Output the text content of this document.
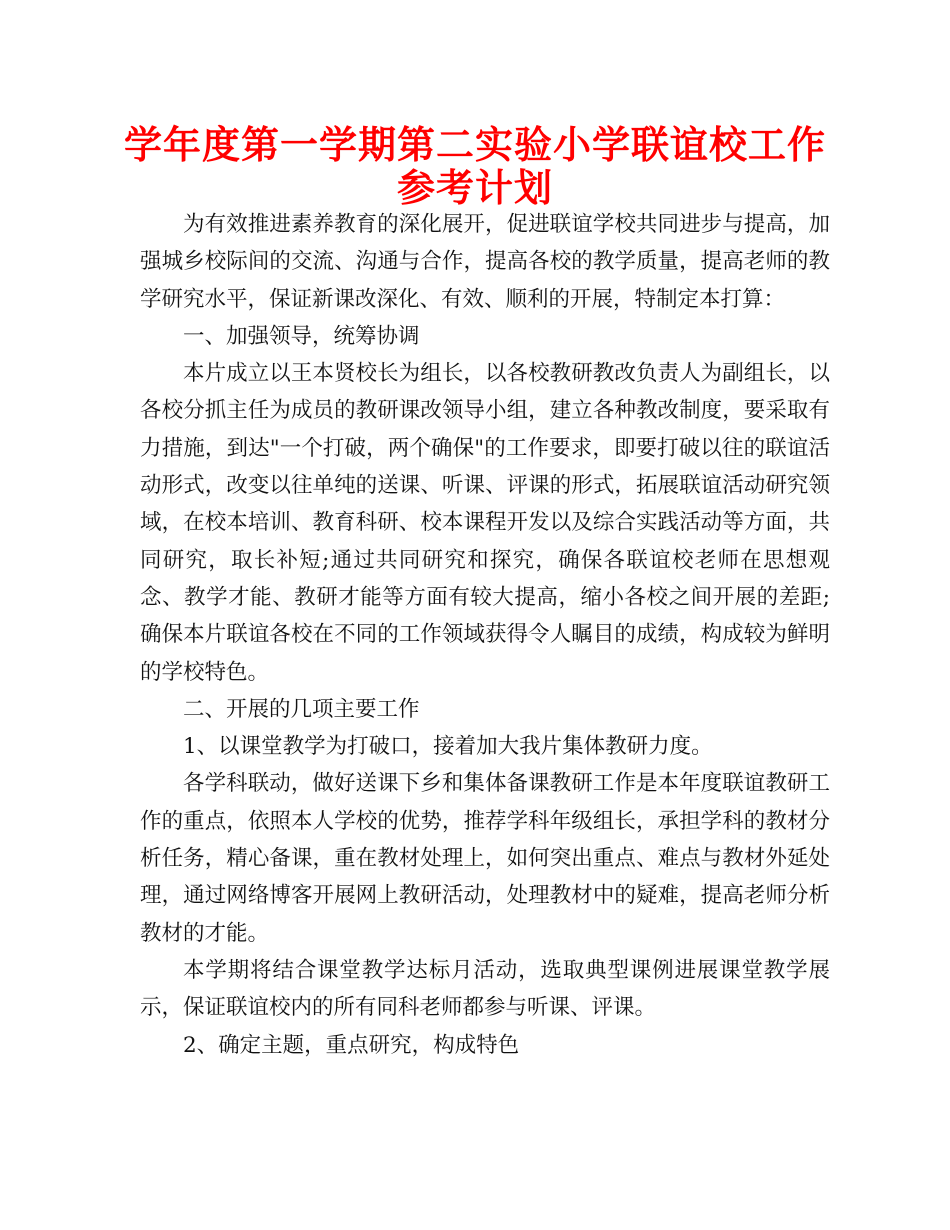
学年度第一学期第二实验小学联谊校工作
参考计划

为有效推进素养教育的深化展开，促进联谊学校共同进步与提高，加强城乡校际间的交流、沟通与合作，提高各校的教学质量，提高老师的教学研究水平，保证新课改深化、有效、顺利的开展，特制定本打算：

一、加强领导，统筹协调

本片成立以王本贤校长为组长，以各校教研教改负责人为副组长，以各校分抓主任为成员的教研课改领导小组，建立各种教改制度，要采取有力措施，到达"一个打破，两个确保"的工作要求，即要打破以往的联谊活动形式，改变以往单纯的送课、听课、评课的形式，拓展联谊活动研究领域，在校本培训、教育科研、校本课程开发以及综合实践活动等方面，共同研究，取长补短;通过共同研究和探究，确保各联谊校老师在思想观念、教学才能、教研才能等方面有较大提高，缩小各校之间开展的差距;确保本片联谊各校在不同的工作领域获得令人瞩目的成绩，构成较为鲜明的学校特色。

二、开展的几项主要工作

1、以课堂教学为打破口，接着加大我片集体教研力度。

各学科联动，做好送课下乡和集体备课教研工作是本年度联谊教研工作的重点，依照本人学校的优势，推荐学科年级组长，承担学科的教材分析任务，精心备课，重在教材处理上，如何突出重点、难点与教材外延处理，通过网络博客开展网上教研活动，处理教材中的疑难，提高老师分析教材的才能。

本学期将结合课堂教学达标月活动，选取典型课例进展课堂教学展示，保证联谊校内的所有同科老师都参与听课、评课。

2、确定主题，重点研究，构成特色
